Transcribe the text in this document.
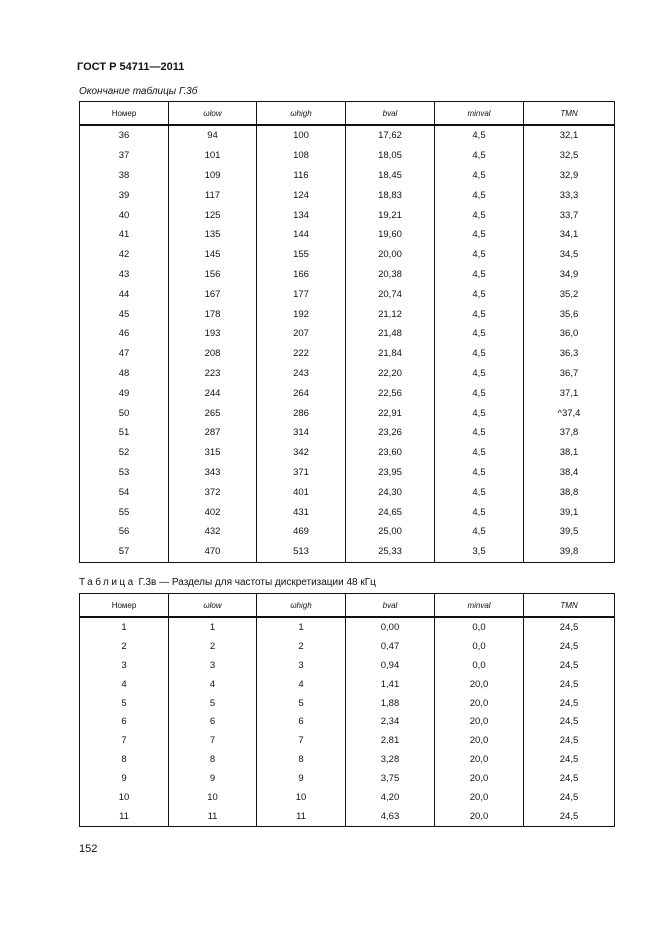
ГОСТ Р 54711—2011
Окончание таблицы Г.3б
Номер	ωlow	ωhigh	bval	minval	TMN
36	94	100	17,62	4,5	32,1
37	101	108	18,05	4,5	32,5
38	109	116	18,45	4,5	32,9
39	117	124	18,83	4,5	33,3
40	125	134	19,21	4,5	33,7
41	135	144	19,60	4,5	34,1
42	145	155	20,00	4,5	34,5
43	156	166	20,38	4,5	34,9
44	167	177	20,74	4,5	35,2
45	178	192	21,12	4,5	35,6
46	193	207	21,48	4,5	36,0
47	208	222	21,84	4,5	36,3
48	223	243	22,20	4,5	36,7
49	244	264	22,56	4,5	37,1
50	265	286	22,91	4,5	^37,4
51	287	314	23,26	4,5	37,8
52	315	342	23,60	4,5	38,1
53	343	371	23,95	4,5	38,4
54	372	401	24,30	4,5	38,8
55	402	431	24,65	4,5	39,1
56	432	469	25,00	4,5	39,5
57	470	513	25,33	3,5	39,8
Таблица Г.3в — Разделы для частоты дискретизации 48 кГц
Номер	ωlow	ωhigh	bval	minval	TMN
1	1	1	0,00	0,0	24,5
2	2	2	0,47	0,0	24,5
3	3	3	0,94	0,0	24,5
4	4	4	1,41	20,0	24,5
5	5	5	1,88	20,0	24,5
6	6	6	2,34	20,0	24,5
7	7	7	2,81	20,0	24,5
8	8	8	3,28	20,0	24,5
9	9	9	3,75	20,0	24,5
10	10	10	4,20	20,0	24,5
11	11	11	4,63	20,0	24,5
152
